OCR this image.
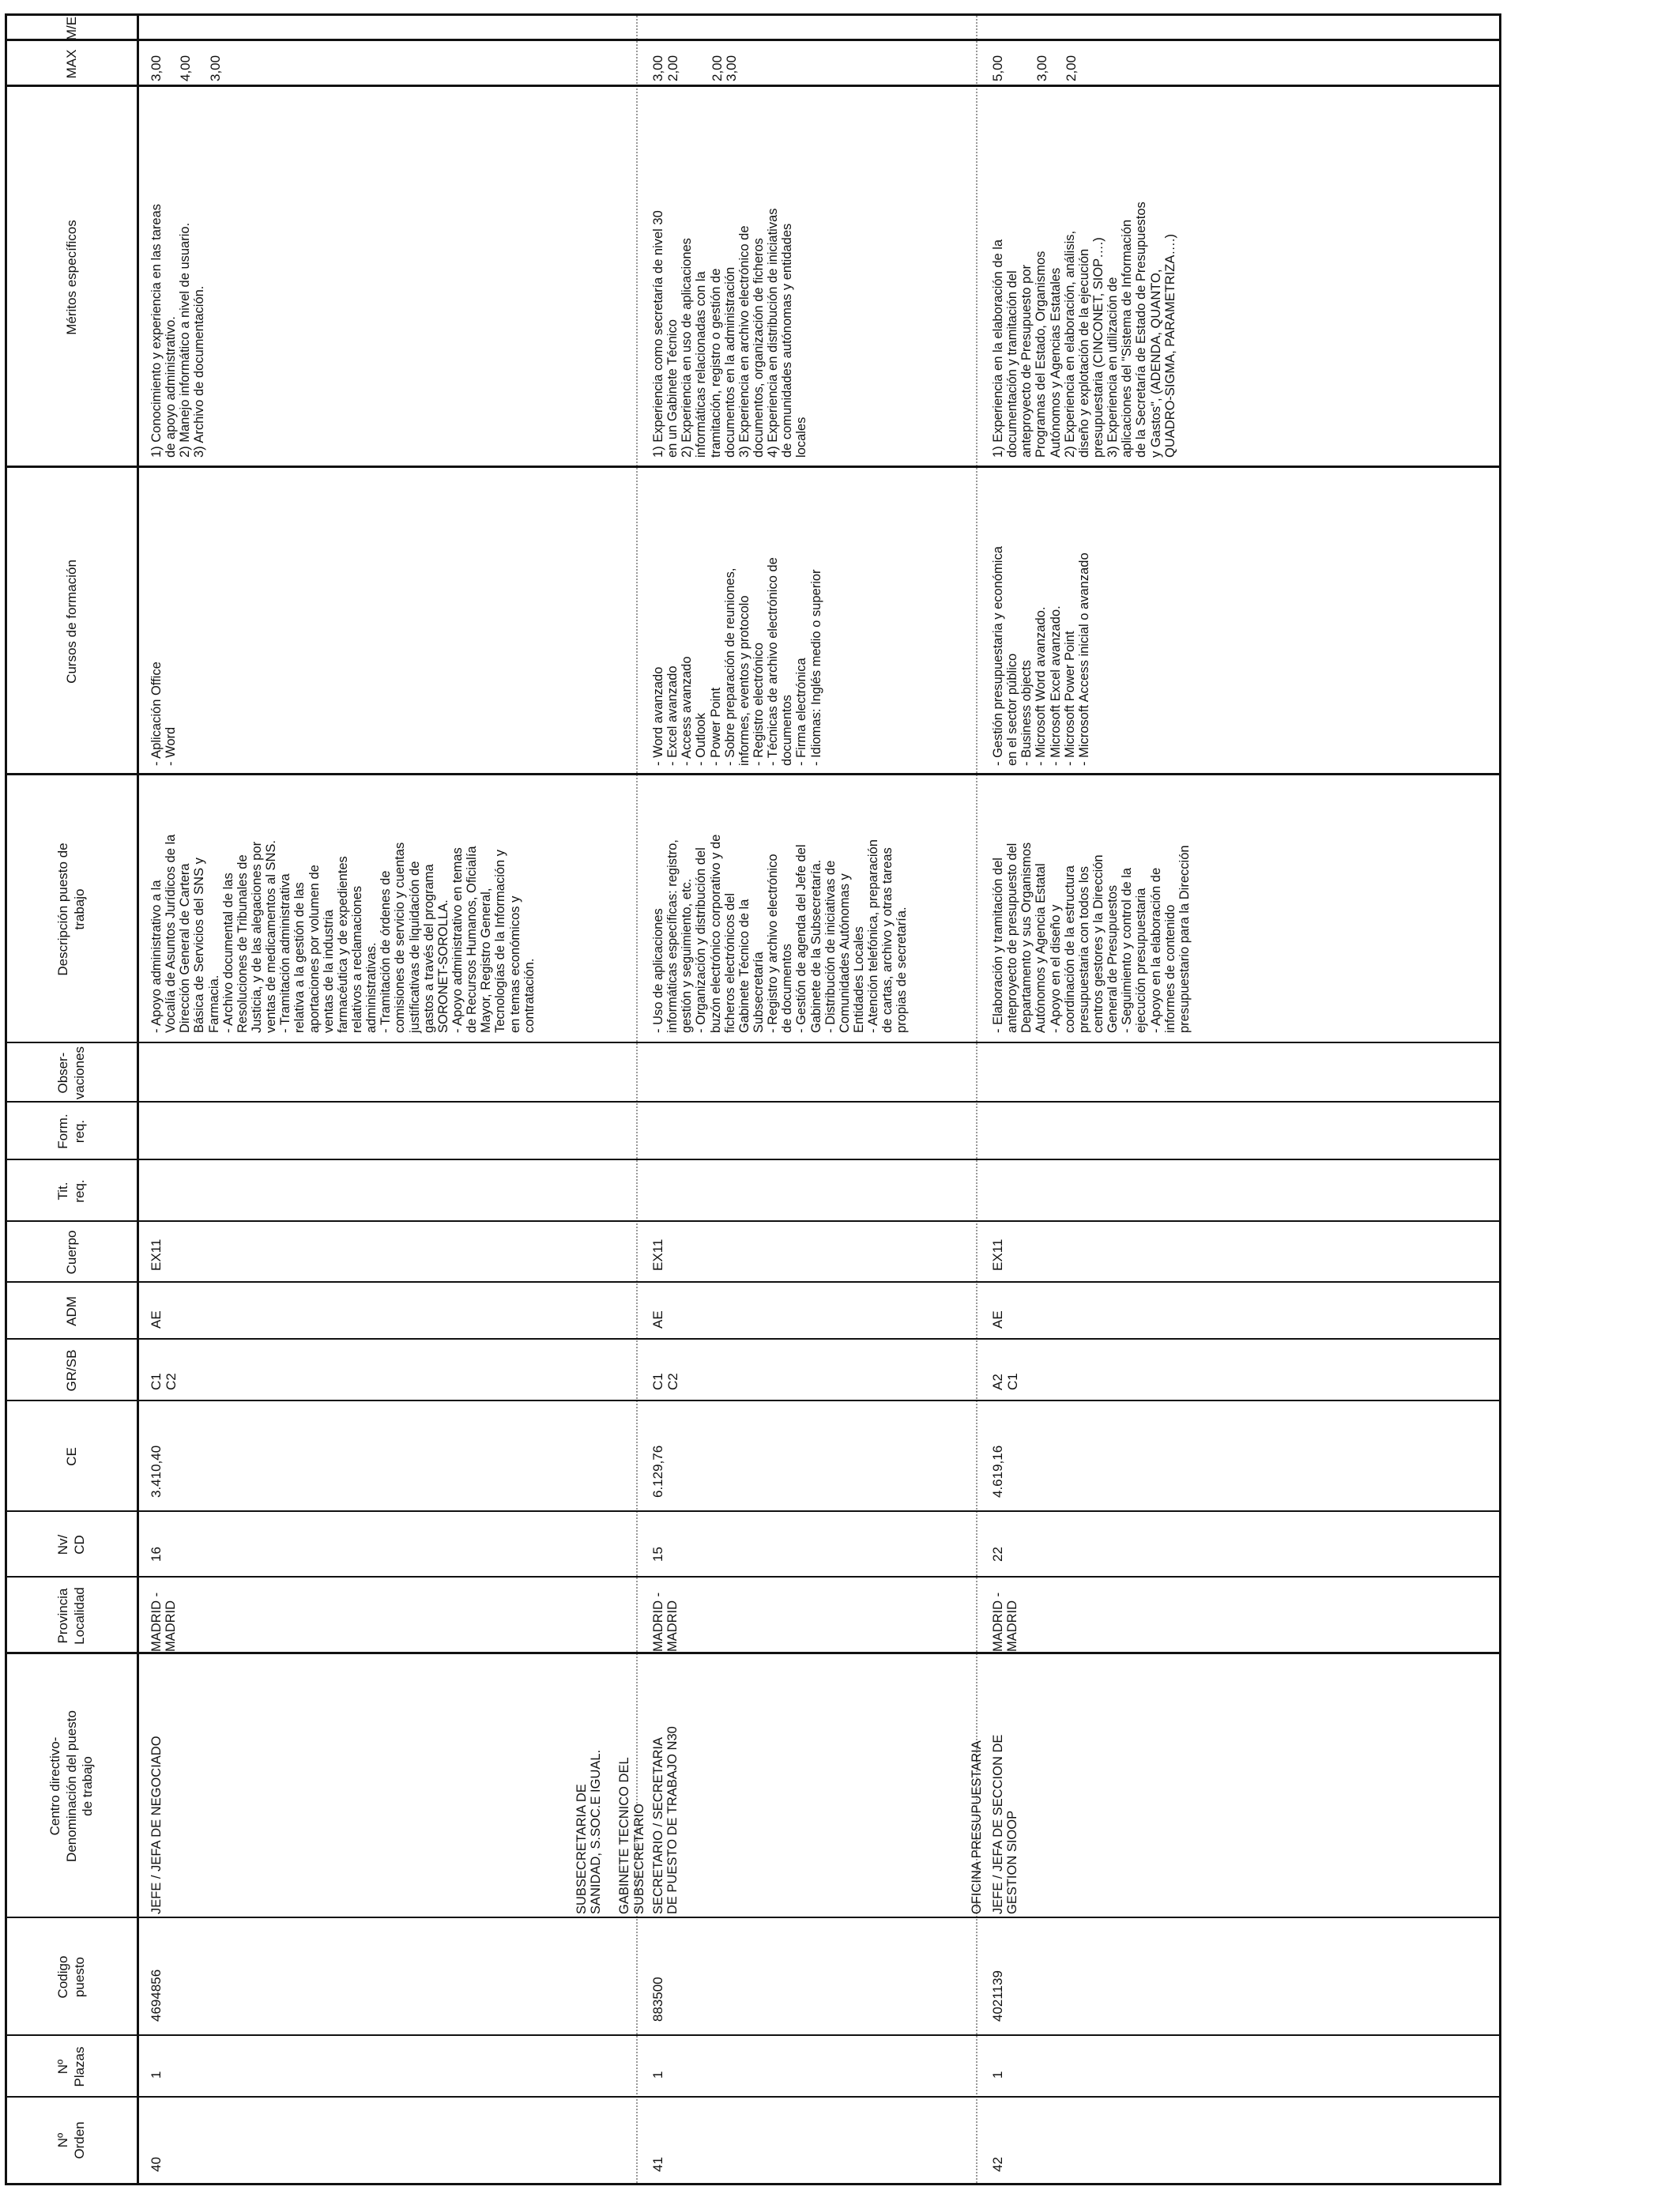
Nº
Orden
Nº
Plazas
Codigo
puesto
Centro directivo-
Denominación del puesto
de trabajo
Provincia
Localidad
Nv/
CD
CE
GR/SB
ADM
Cuerpo
Tit.
req.
Form.
req.
Obser-
vaciones
Descripción puesto de
trabajo
Cursos de formación
Méritos específicos
MAX
M/E
40
1
4694856
JEFE / JEFA DE NEGOCIADO
MADRID -
MADRID
16
3.410,40
C1
C2
AE
EX11
- Apoyo administrativo a la
Vocalía de Asuntos Jurídicos de la
Dirección General de Cartera
Básica de Servicios del SNS y
Farmacia.
- Archivo documental de las
Resoluciones de Tribunales de
Justicia, y de las alegaciones por
ventas de medicamentos al SNS.
- Tramitación administrativa
relativa a la gestión de las
aportaciones por volumen de
ventas de la industria
farmacéutica y de expedientes
relativos a reclamaciones
administrativas.
- Tramitación de órdenes de
comisiones de servicio y cuentas
justificativas de liquidación de
gastos a través del programa
SORONET-SOROLLA.
- Apoyo administrativo en temas
de Recursos Humanos, Oficialía
Mayor, Registro General,
Tecnologías de la Información y
en temas económicos y
contratación.
- Aplicación Office
- Word
1) Conocimiento y experiencia en las tareas
de apoyo administrativo.
2) Manejo informático a nivel de usuario.
3) Archivo de documentación.
3,00

4,00

3,00
41
1
883500
SUBSECRETARIA DE
SANIDAD, S.SOC.E IGUAL.

GABINETE TECNICO DEL
SUBSECRETARIO SECRETARIO / SECRETARIA
DE PUESTO DE TRABAJO N30
MADRID -
MADRID
15
6.129,76
C1
C2
AE
EX11
- Uso de aplicaciones
informáticas específicas: registro,
gestión y seguimiento, etc.
- Organización y distribución del
buzón electrónico corporativo y de
ficheros electrónicos del
Gabinete Técnico de la
Subsecretaría
- Registro y archivo electrónico
de documentos
- Gestión de agenda del Jefe del
Gabinete de la Subsecretaría.
- Distribución de iniciativas de
Comunidades Autónomas y
Entidades Locales
- Atención telefónica, preparación
de cartas, archivo y otras tareas
propias de secretaría.
- Word avanzado
- Excel avanzado
- Access avanzado
- Outlook
- Power Point
- Sobre preparación de reuniones,
informes, eventos y protocolo
- Registro electrónico
- Técnicas de archivo electrónico de
documentos
- Firma electrónica
- Idiomas: Inglés medio o superior
1) Experiencia como secretaría de nivel 30
en un Gabinete Técnico
2) Experiencia en uso de aplicaciones
informáticas relacionadas con la
tramitación, registro o gestión de
documentos en la administración
3) Experiencia en archivo electrónico de
documentos, organización de ficheros
4) Experiencia en distribución de iniciativas
de comunidades autónomas y entidades
locales
3,00
2,00

2,00
3,00
42
1
4021139
OFICINA PRESUPUESTARIA JEFE / JEFA DE SECCION DE
GESTION SIOOP
MADRID -
MADRID
22
4.619,16
A2
C1
AE
EX11
- Elaboración y tramitación del
anteproyecto de presupuesto del
Departamento y sus Organismos
Autónomos y Agencia Estatal
- Apoyo en el diseño y
coordinación de la estructura
presupuestaria con todos los
centros gestores y la Dirección
General de Presupuestos
- Seguimiento y control de la
ejecución presupuestaria
- Apoyo en la elaboración de
informes de contenido
presupuestario para la Dirección
- Gestión presupuestaria y económica
en el sector público
- Business objects
- Microsoft Word avanzado.
- Microsoft Excel avanzado.
- Microsoft Power Point
- Microsoft Access inicial o avanzado
1) Experiencia en la elaboración de la
documentación y tramitación del
anteproyecto de Presupuesto por
Programas del Estado, Organismos
Autónomos y Agencias Estatales
2) Experiencia en elaboración, análisis,
diseño y explotación de la ejecución
presupuestaria (CINCONET, SIOP….)
3) Experiencia en utilización de
aplicaciones del "Sistema de Información
de la Secretaría de Estado de Presupuestos
y Gastos", (ADENDA, QUANTO,
QUADRO-SIGMA, PARAMETRIZA….)
5,00

3,00

2,00
